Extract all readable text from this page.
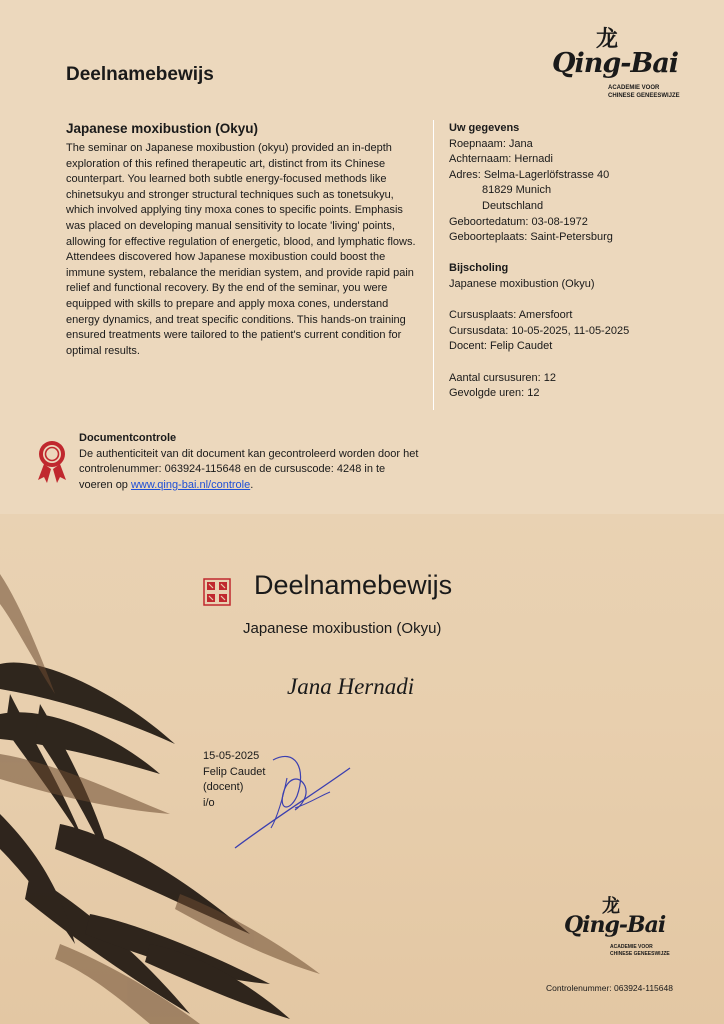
Deelnamebewijs
龙
Qing-Bai
ACADEMIE VOOR
CHINESE GENEESWIJZE
Japanese moxibustion (Okyu)
The seminar on Japanese moxibustion (okyu) provided an in-depth exploration of this refined therapeutic art, distinct from its Chinese counterpart. You learned both subtle energy-focused methods like chinetsukyu and stronger structural techniques such as tonetsukyu, which involved applying tiny moxa cones to specific points. Emphasis was placed on developing manual sensitivity to locate 'living' points, allowing for effective regulation of energetic, blood, and lymphatic flows. Attendees discovered how Japanese moxibustion could boost the immune system, rebalance the meridian system, and provide rapid pain relief and functional recovery. By the end of the seminar, you were equipped with skills to prepare and apply moxa cones, understand energy dynamics, and treat specific conditions. This hands-on training ensured treatments were tailored to the patient's current condition for optimal results.
Uw gegevens
Roepnaam: Jana
Achternaam: Hernadi
Adres: Selma-Lagerlöfstrasse 40
81829 Munich
Deutschland
Geboortedatum: 03-08-1972
Geboorteplaats: Saint-Petersburg
Bijscholing
Japanese moxibustion (Okyu)
Cursusplaats: Amersfoort
Cursusdata: 10-05-2025, 11-05-2025
Docent: Felip Caudet
Aantal cursusuren: 12
Gevolgde uren: 12
Documentcontrole
De authenticiteit van dit document kan gecontroleerd worden door het controlenummer: 063924-115648 en de cursuscode: 4248 in te voeren op www.qing-bai.nl/controle.
Deelnamebewijs
Japanese moxibustion (Okyu)
Jana Hernadi
15-05-2025
Felip Caudet
(docent)
i/o
龙
Qing-Bai
ACADEMIE VOOR
CHINESE GENEESWIJZE
Controlenummer: 063924-115648
